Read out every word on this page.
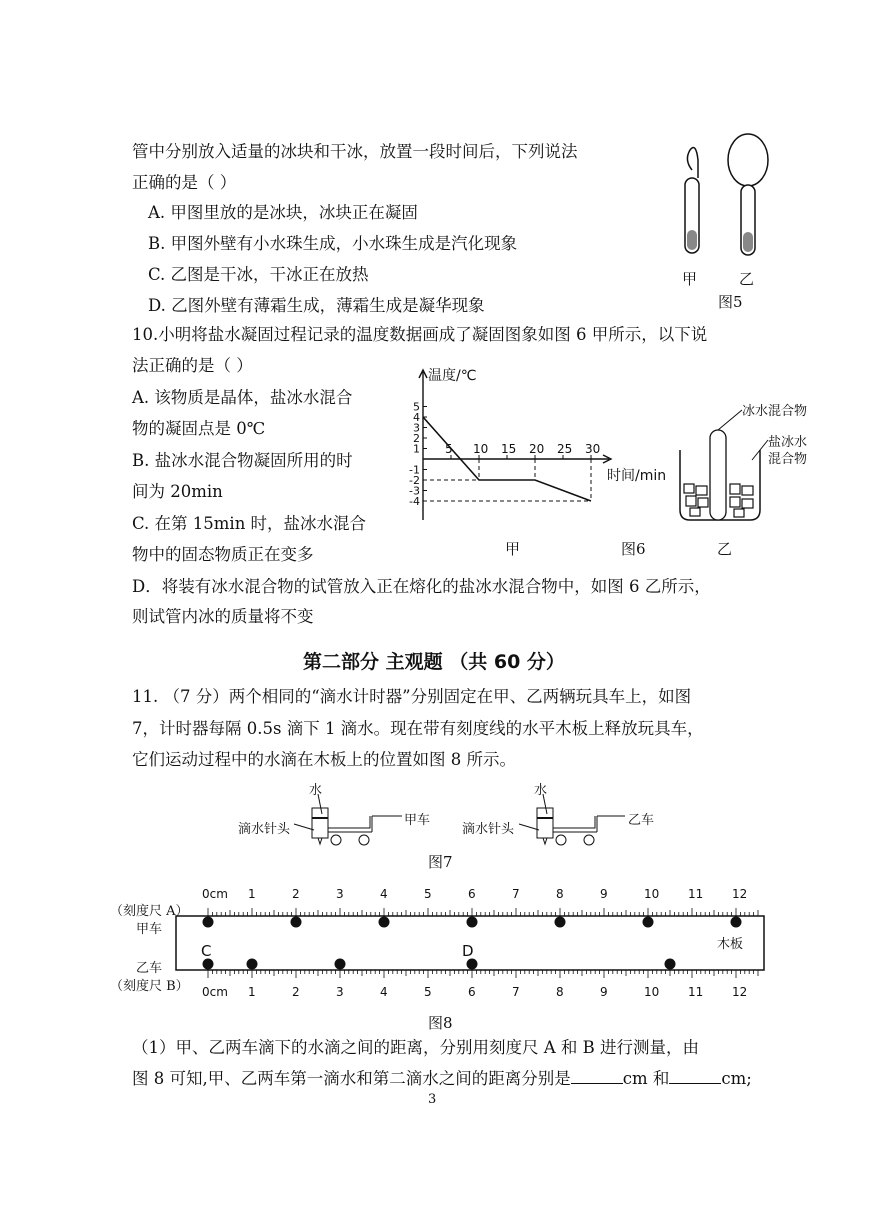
管中分别放入适量的冰块和干冰，放置一段时间后，下列说法
正确的是（ ）
A. 甲图里放的是冰块，冰块正在凝固
B. 甲图外壁有小水珠生成，小水珠生成是汽化现象
C. 乙图是干冰，干冰正在放热
D. 乙图外壁有薄霜生成，薄霜生成是凝华现象
甲	乙
图5
10.小明将盐水凝固过程记录的温度数据画成了凝固图象如图 6 甲所示，以下说
法正确的是（ ）
A. 该物质是晶体，盐冰水混合
物的凝固点是 0℃
B. 盐冰水混合物凝固所用的时
间为 20min
C. 在第 15min 时，盐冰水混合
物中的固态物质正在变多
D．将装有冰水混合物的试管放入正在熔化的盐冰水混合物中，如图 6 乙所示，
则试管内冰的质量将不变
5 10 15 20 25 30
5
4
3
2
1
-1
-2
-3
-4
温度/℃
时间/min
甲	图6
冰水混合物
盐冰水
混合物
乙
第二部分 主观题 （共 60 分）
11. （7 分）两个相同的“滴水计时器”分别固定在甲、乙两辆玩具车上，如图
7，计时器每隔 0.5s 滴下 1 滴水。现在带有刻度线的水平木板上释放玩具车，
它们运动过程中的水滴在木板上的位置如图 8 所示。
水	水
滴水针头	滴水针头
甲车	乙车
图7
0cm 1	2	3	4	5	6	7	8	9	10 11 12
0cm 1	2	3	4	5	6	7	8	9	10 11 12
C	D	木板
（刻度尺 A）
甲车
乙车
（刻度尺 B）
图8
（1）甲、乙两车滴下的水滴之间的距离，分别用刻度尺 A 和 B 进行测量，由
图 8 可知,甲、乙两车第一滴水和第二滴水之间的距离分别是	cm 和	cm;
3
